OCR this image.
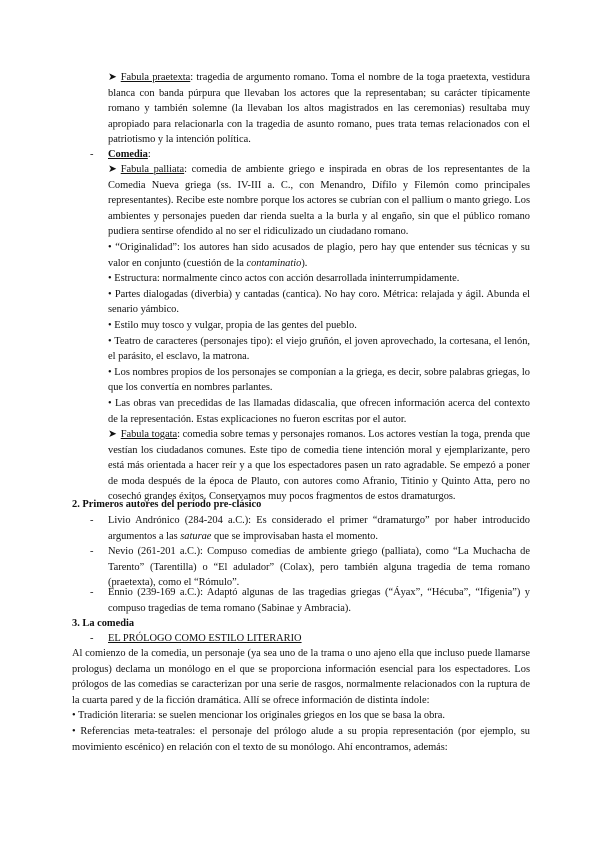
➤ Fabula praetexta: tragedia de argumento romano. Toma el nombre de la toga praetexta, vestidura blanca con banda púrpura que llevaban los actores que la representaban; su carácter típicamente romano y también solemne (la llevaban los altos magistrados en las ceremonias) resultaba muy apropiado para relacionarla con la tragedia de asunto romano, pues trata temas relacionados con el patriotismo y la intención política.

- Comedia:

➤ Fabula palliata: comedia de ambiente griego e inspirada en obras de los representantes de la Comedia Nueva griega (ss. IV-III a. C., con Menandro, Dífilo y Filemón como principales representantes). Recibe este nombre porque los actores se cubrían con el pallium o manto griego. Los ambientes y personajes pueden dar rienda suelta a la burla y al engaño, sin que el público romano pudiera sentirse ofendido al no ser el ridiculizado un ciudadano romano.

• “Originalidad”: los autores han sido acusados de plagio, pero hay que entender sus técnicas y su valor en conjunto (cuestión de la contaminatio).

• Estructura: normalmente cinco actos con acción desarrollada ininterrumpidamente.

• Partes dialogadas (diverbia) y cantadas (cantica). No hay coro. Métrica: relajada y ágil. Abunda el senario yámbico.

• Estilo muy tosco y vulgar, propia de las gentes del pueblo.

• Teatro de caracteres (personajes tipo): el viejo gruñón, el joven aprovechado, la cortesana, el lenón, el parásito, el esclavo, la matrona.

• Los nombres propios de los personajes se componían a la griega, es decir, sobre palabras griegas, lo que los convertía en nombres parlantes.

• Las obras van precedidas de las llamadas didascalia, que ofrecen información acerca del contexto de la representación. Estas explicaciones no fueron escritas por el autor.

➤ Fabula togata: comedia sobre temas y personajes romanos. Los actores vestían la toga, prenda que vestían los ciudadanos comunes. Este tipo de comedia tiene intención moral y ejemplarizante, pero está más orientada a hacer reír y a que los espectadores pasen un rato agradable. Se empezó a poner de moda después de la época de Plauto, con autores como Afranio, Titinio y Quinto Atta, pero no cosechó grandes éxitos. Conservamos muy pocos fragmentos de estos dramaturgos.

2. Primeros autores del período pre-clásico
- Livio Andrónico (284-204 a.C.): Es considerado el primer “dramaturgo” por haber introducido argumentos a las saturae que se improvisaban hasta el momento.

- Nevio (261-201 a.C.): Compuso comedias de ambiente griego (palliata), como “La Muchacha de Tarento” (Tarentilla) o “El adulador” (Colax), pero también alguna tragedia de tema romano (praetexta), como el “Rómulo”.

- Ennio (239-169 a.C.): Adaptó algunas de las tragedias griegas (“Áyax”, “Hécuba”, “Ifigenia”) y compuso tragedias de tema romano (Sabinae y Ambracia).

3. La comedia
- EL PRÓLOGO COMO ESTILO LITERARIO

Al comienzo de la comedia, un personaje (ya sea uno de la trama o uno ajeno ella que incluso puede llamarse prologus) declama un monólogo en el que se proporciona información esencial para los espectadores. Los prólogos de las comedias se caracterizan por una serie de rasgos, normalmente relacionados con la ruptura de la cuarta pared y de la ficción dramática. Allí se ofrece información de distinta índole:

• Tradición literaria: se suelen mencionar los originales griegos en los que se basa la obra.

• Referencias meta-teatrales: el personaje del prólogo alude a su propia representación (por ejemplo, su movimiento escénico) en relación con el texto de su monólogo. Ahí encontramos, además:
